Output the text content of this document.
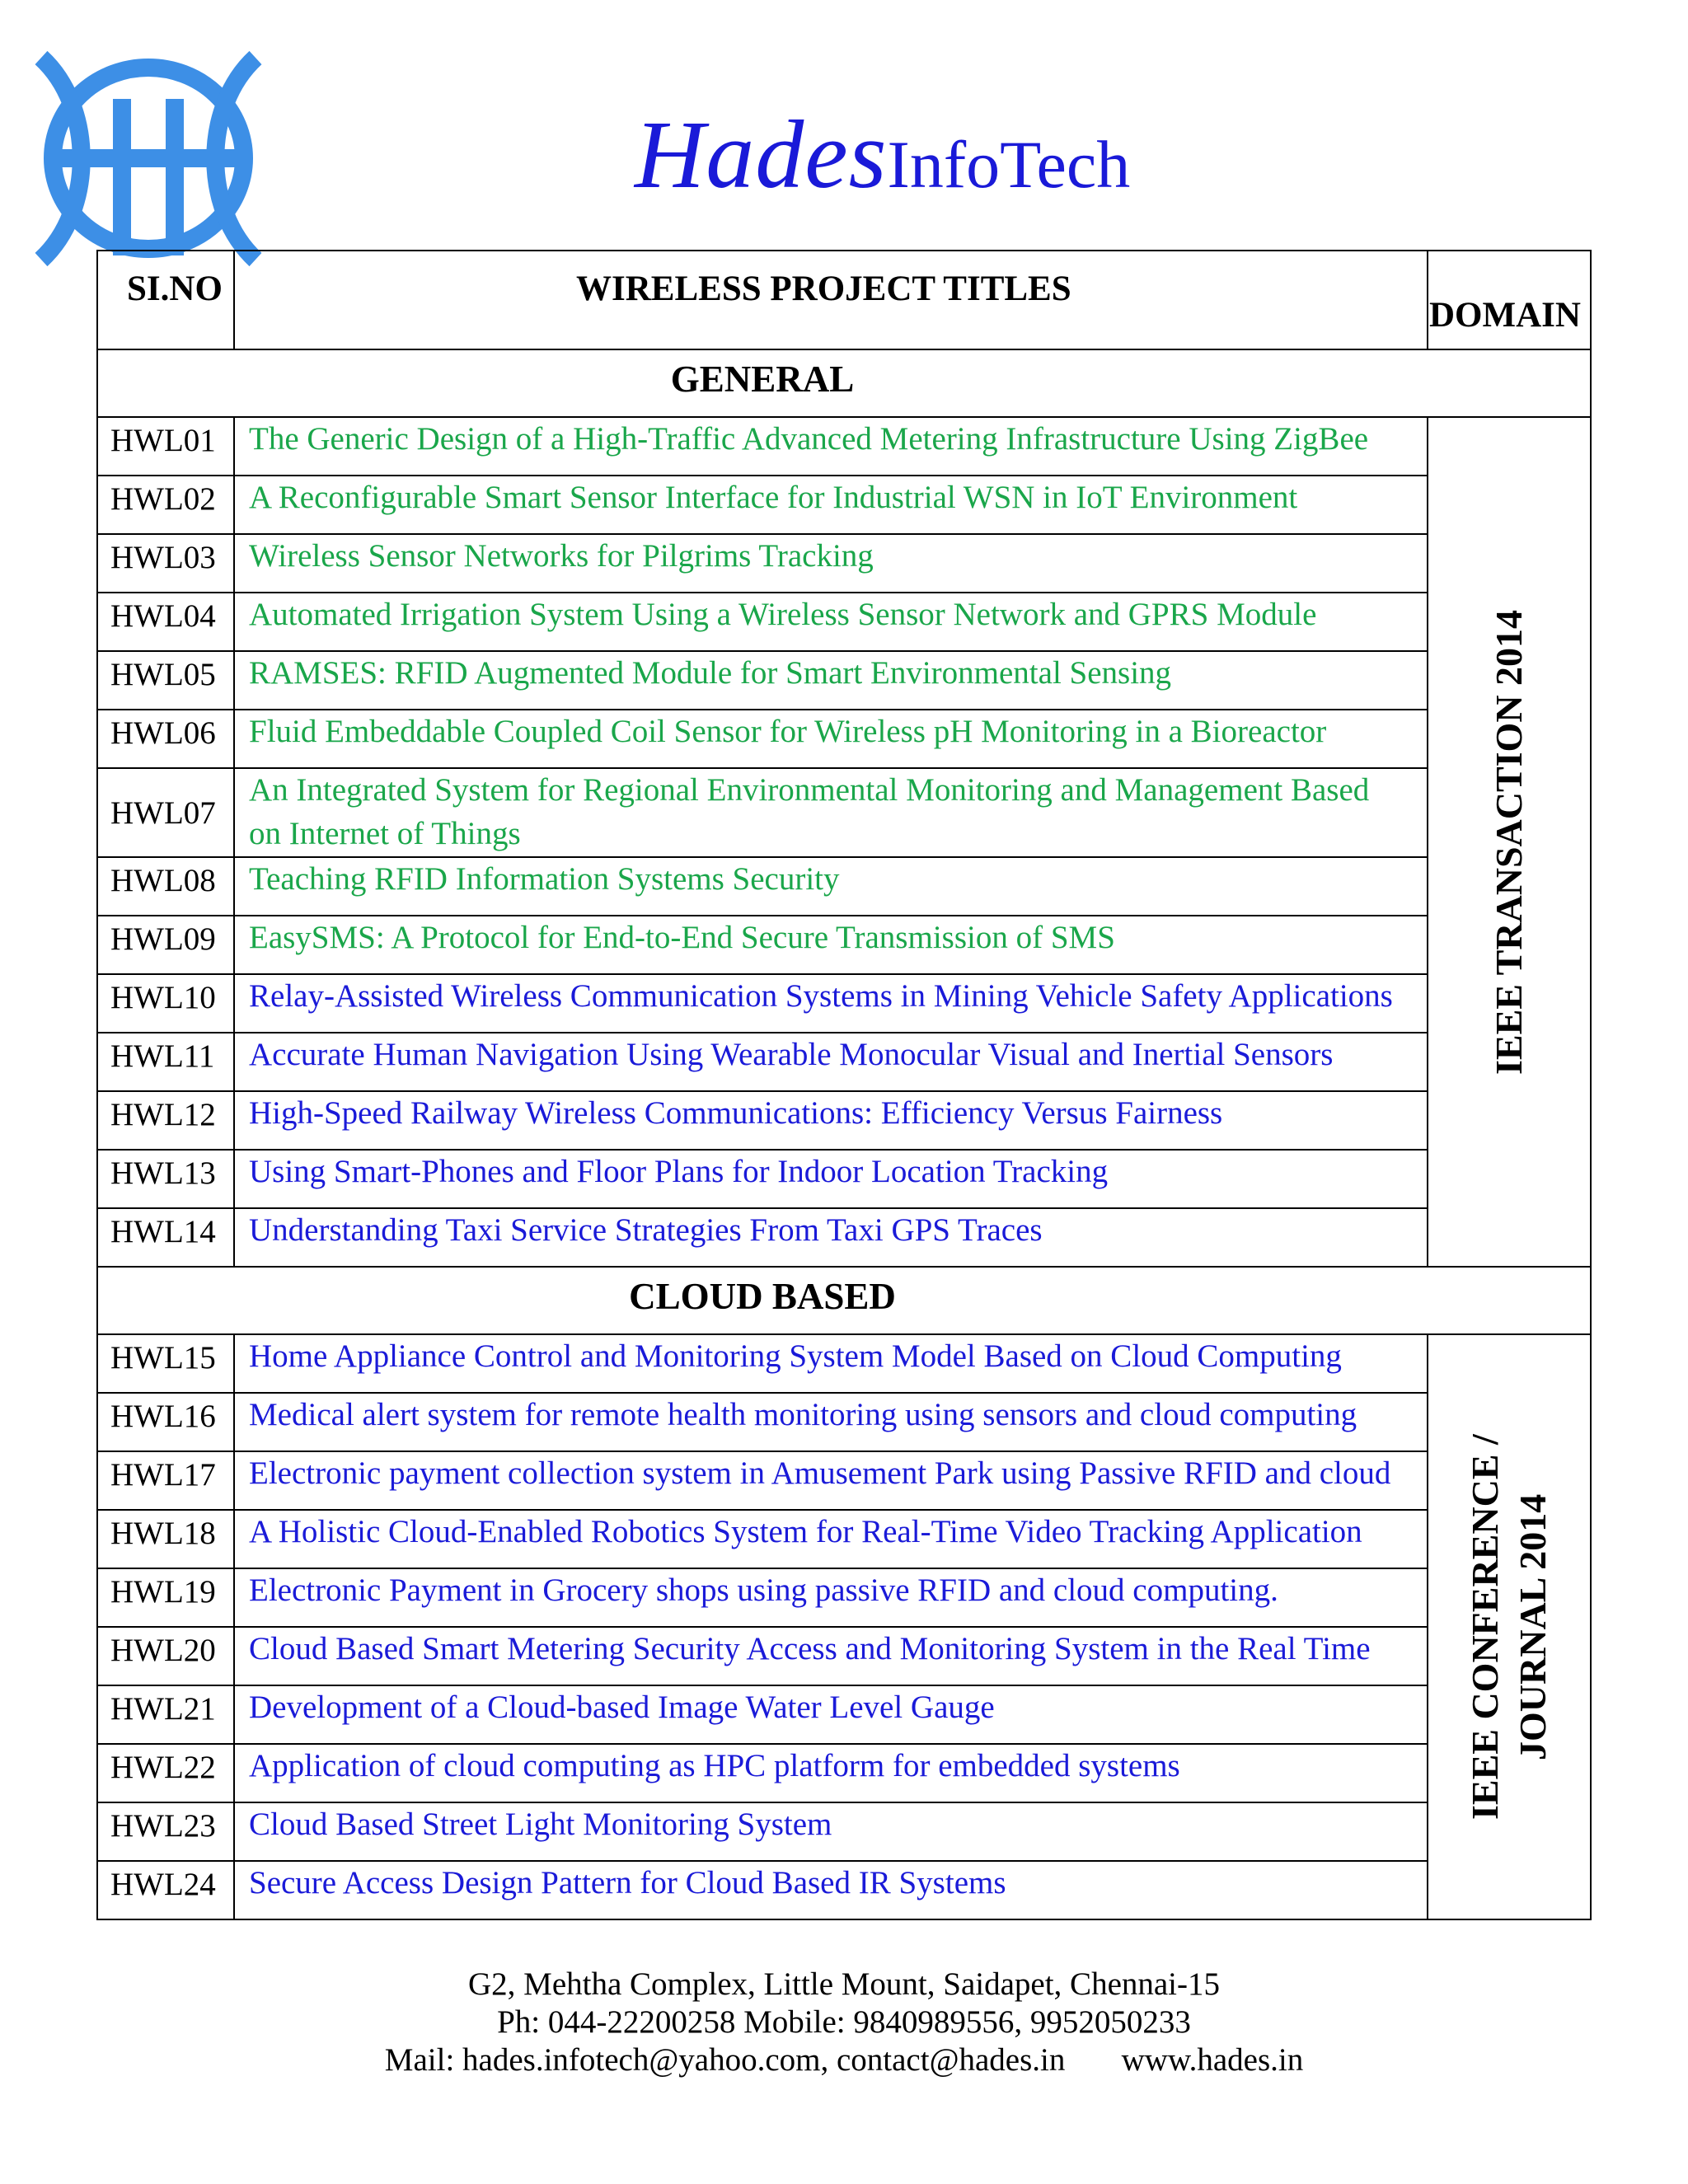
HadesInfoTech
SI.NO	WIRELESS PROJECT TITLES
DOMAIN
GENERAL
HWL01 The Generic Design of a High-Traffic Advanced Metering Infrastructure Using ZigBee
HWL02 A Reconfigurable Smart Sensor Interface for Industrial WSN in IoT Environment
HWL03 Wireless Sensor Networks for Pilgrims Tracking
HWL04 Automated Irrigation System Using a Wireless Sensor Network and GPRS Module
HWL05 RAMSES: RFID Augmented Module for Smart Environmental Sensing
HWL06 Fluid Embeddable Coupled Coil Sensor for Wireless pH Monitoring in a Bioreactor
HWL07
An Integrated System for Regional Environmental Monitoring and Management Based
on Internet of Things
HWL08 Teaching RFID Information Systems Security
HWL09 EasySMS: A Protocol for End-to-End Secure Transmission of SMS
HWL10 Relay-Assisted Wireless Communication Systems in Mining Vehicle Safety Applications
HWL11 Accurate Human Navigation Using Wearable Monocular Visual and Inertial Sensors
HWL12 High-Speed Railway Wireless Communications: Efficiency Versus Fairness
HWL13 Using Smart-Phones and Floor Plans for Indoor Location Tracking
HWL14 Understanding Taxi Service Strategies From Taxi GPS Traces
IEEE TRANSACTION 2014
CLOUD BASED
HWL15 Home Appliance Control and Monitoring System Model Based on Cloud Computing
HWL16 Medical alert system for remote health monitoring using sensors and cloud computing
HWL17 Electronic payment collection system in Amusement Park using Passive RFID and cloud
HWL18 A Holistic Cloud-Enabled Robotics System for Real-Time Video Tracking Application
HWL19 Electronic Payment in Grocery shops using passive RFID and cloud computing.
HWL20 Cloud Based Smart Metering Security Access and Monitoring System in the Real Time
HWL21 Development of a Cloud-based Image Water Level Gauge
HWL22 Application of cloud computing as HPC platform for embedded systems
HWL23 Cloud Based Street Light Monitoring System
HWL24 Secure Access Design Pattern for Cloud Based IR Systems
IEEE CONFERENCE / JOURNAL 2014
G2, Mehtha Complex, Little Mount, Saidapet, Chennai-15
Ph: 044-22200258 Mobile: 9840989556, 9952050233
Mail: hades.infotech@yahoo.com, contact@hades.in       www.hades.in
